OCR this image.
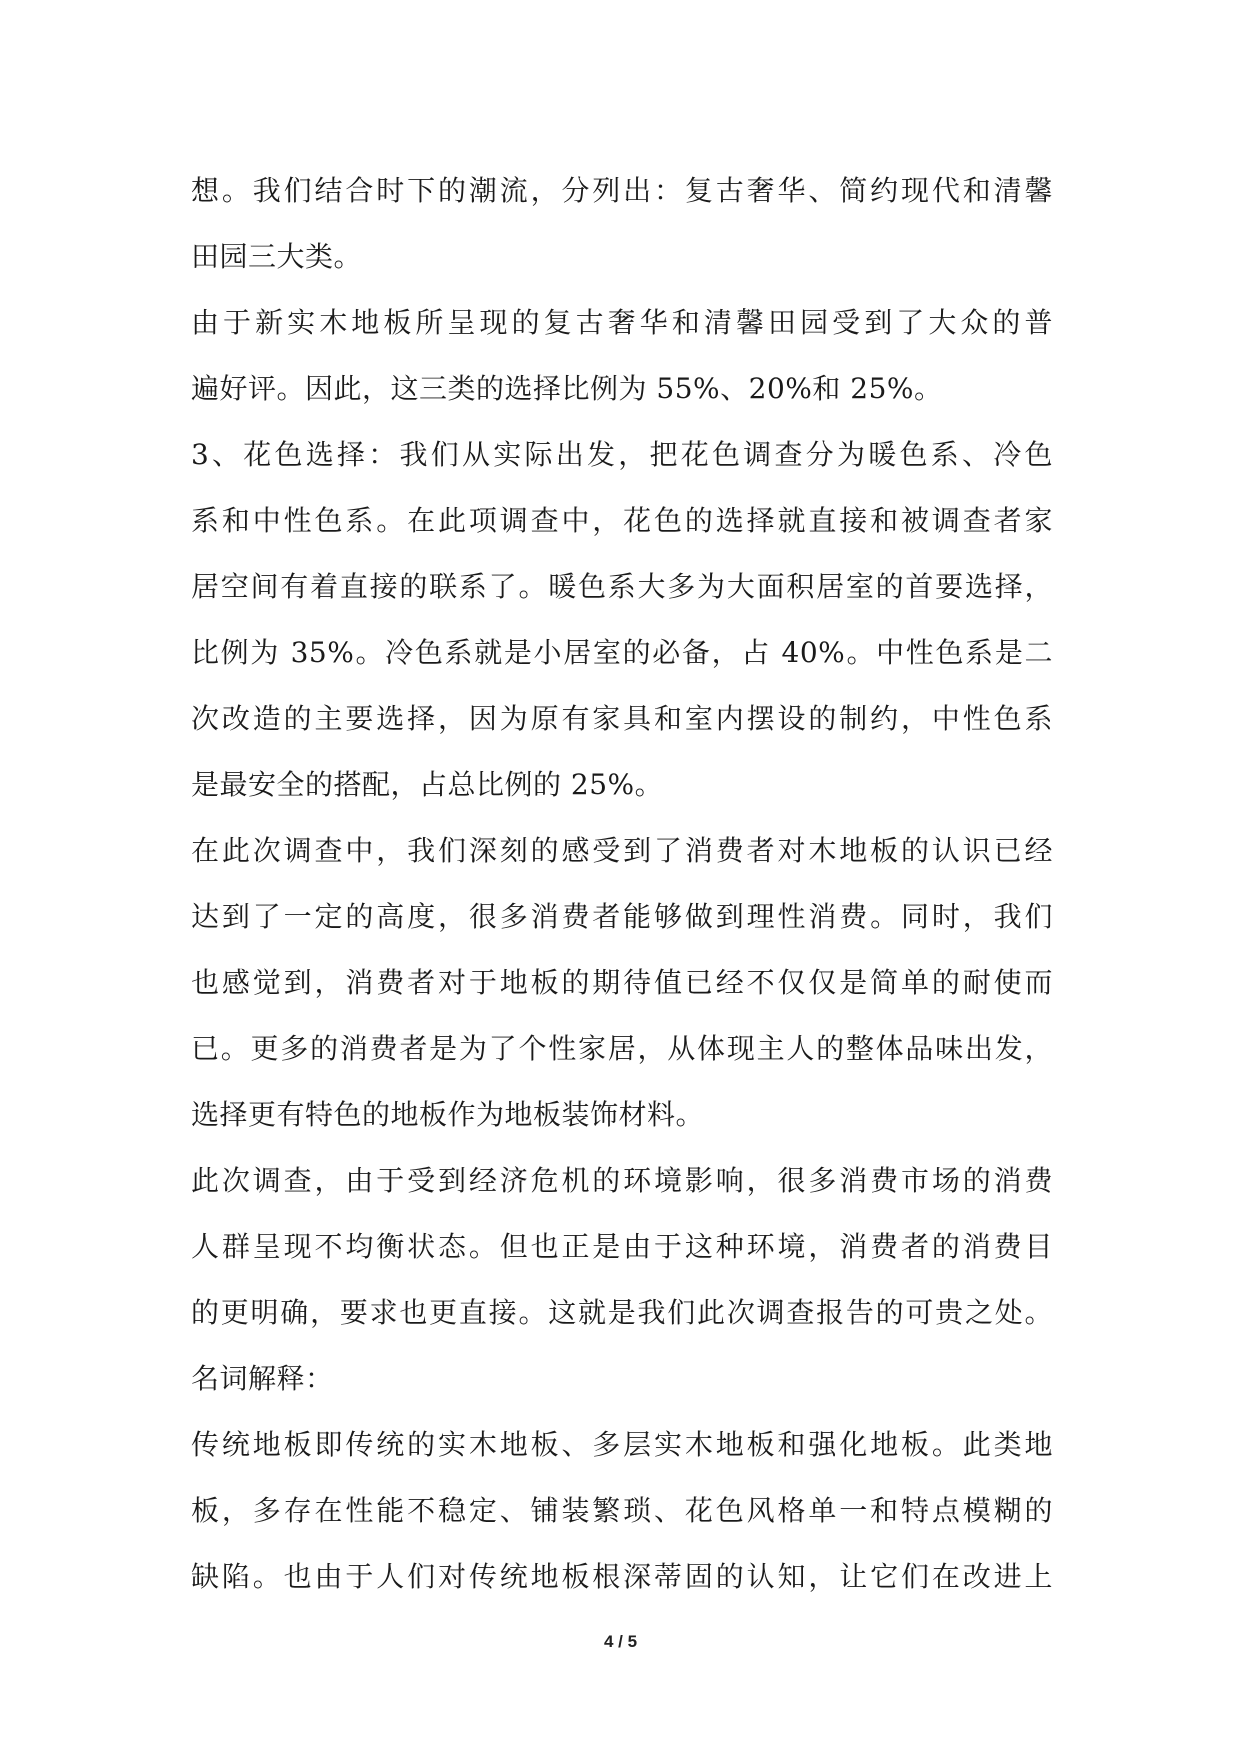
想。我们结合时下的潮流，分列出：复古奢华、简约现代和清馨
田园三大类。
由于新实木地板所呈现的复古奢华和清馨田园受到了大众的普
遍好评。因此，这三类的选择比例为 55%、20%和 25%。
3、花色选择：我们从实际出发，把花色调查分为暖色系、冷色
系和中性色系。在此项调查中，花色的选择就直接和被调查者家
居空间有着直接的联系了。暖色系大多为大面积居室的首要选择，
比例为 35%。冷色系就是小居室的必备，占 40%。中性色系是二
次改造的主要选择，因为原有家具和室内摆设的制约，中性色系
是最安全的搭配，占总比例的 25%。
在此次调查中，我们深刻的感受到了消费者对木地板的认识已经
达到了一定的高度，很多消费者能够做到理性消费。同时，我们
也感觉到，消费者对于地板的期待值已经不仅仅是简单的耐使而
已。更多的消费者是为了个性家居，从体现主人的整体品味出发，
选择更有特色的地板作为地板装饰材料。
此次调查，由于受到经济危机的环境影响，很多消费市场的消费
人群呈现不均衡状态。但也正是由于这种环境，消费者的消费目
的更明确，要求也更直接。这就是我们此次调查报告的可贵之处。
名词解释：
传统地板即传统的实木地板、多层实木地板和强化地板。此类地
板，多存在性能不稳定、铺装繁琐、花色风格单一和特点模糊的
缺陷。也由于人们对传统地板根深蒂固的认知，让它们在改进上
4 / 5
